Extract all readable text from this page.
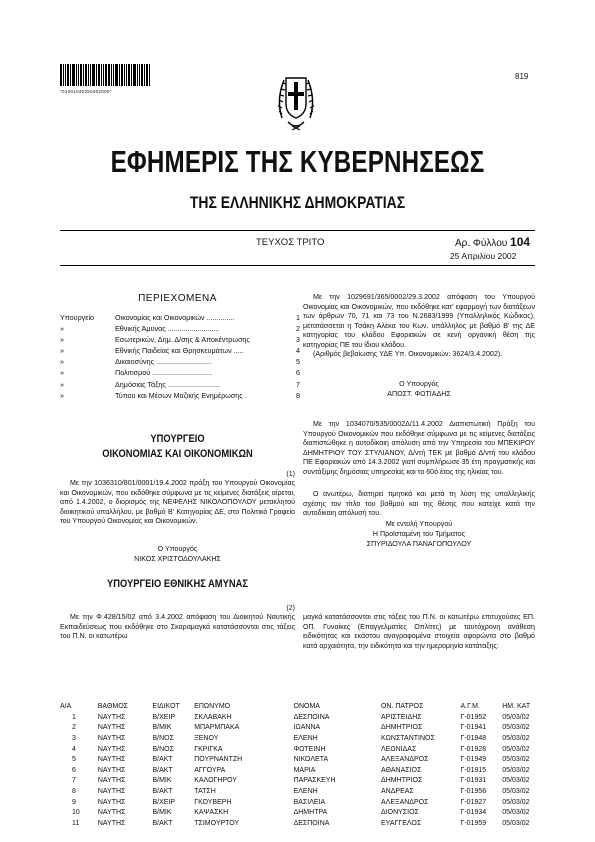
*01001040250402000*
819
ΕΦΗΜΕΡΙΣ ΤΗΣ ΚΥΒΕΡΝΗΣΕΩΣ
ΤΗΣ ΕΛΛΗΝΙΚΗΣ ΔΗΜΟΚΡΑΤΙΑΣ
ΤΕΥΧΟΣ ΤΡΙΤΟ	Αρ. Φύλλου 104
25 Απριλίου 2002
ΠΕΡΙΕΧΟΜΕΝΑ
Υπουργείο	Οικονομίας και Οικονομικών ..............	1
»	Εθνικής Άμυνας ..........................	2
»	Εσωτερικών, Δημ. Δ/σης & Αποκέντρωσης	3
»	Εθνικής Παιδείας και Θρησκευμάτων .....	4
»	Δικαιοσύνης ............................	5
»	Πολιτισμού ..............................	6
»	Δημόσιας Τάξης ..........................	7
»	Τύπου και Μέσων Μαζικής Ενημέρωσης .	8
ΥΠΟΥΡΓΕΙΟ
ΟΙΚΟΝΟΜΙΑΣ ΚΑΙ ΟΙΚΟΝΟΜΙΚΩΝ
(1)
Με την 1036310/801/0001/19.4.2002 πράξη του Υπουργού Οικονομίας και Οικονομικών, που εκδόθηκε σύμφωνα με τις κείμενες διατάξεις αίρεται, από 1.4.2002, ο διορισμός της ΝΕΦΕΛΗΣ ΝΙΚΟΛΟΠΟΥΛΟΥ μετακλητού διοικητικού υπαλλήλου, με βαθμό Β' Κατηγορίας ΔΕ, στο Πολιτικό Γραφείο του Υπουργού Οικονομίας και Οικονομικών.
Ο Υπουργός
ΝΙΚΟΣ ΧΡΙΣΤΟΔΟΥΛΑΚΗΣ
ΥΠΟΥΡΓΕΙΟ ΕΘΝΙΚΗΣ ΑΜΥΝΑΣ
(2)
Με την Φ.428/15/02 από 3.4.2002 απόφαση του Διοικητού Ναυτικής Εκπαιδεύσεως που εκδόθηκε στο Σκαραμαγκά κατατάσσονται στις τάξεις του Π.Ν. οι κατωτέρω
Με την 1029691/365/0002/29.3.2002 απόφαση του Υπουργού Οικονομίας και Οικονομικών, που εκδόθηκε κατ' εφαρμογή των διατάξεων των άρθρων 70, 71 και 73 του Ν.2683/1999 (Υπαλληλικός Κώδικας), μετατάσσεται η Τσάκη Αλέκα του Κων. υπάλληλος με βαθμό Β' της ΔΕ κατηγορίας του κλάδου Εφοριακών σε κενή οργανική θέση της κατηγορίας ΠΕ του ίδιου κλάδου.
(Αριθμός βεβαίωσης ΥΔΕ Υπ. Οικονομικών: 3624/3.4.2002).
Ο Υπουργός
ΑΠΟΣΤ. ΦΩΤΙΑΔΗΣ
Με την 1034070/535/0002Δ/11.4.2002 Διαπιστωτική Πράξη του Υπουργού Οικονομικών που εκδόθηκε σύμφωνα με τις κείμενες διατάξεις διαπιστώθηκε η αυτοδίκαιη απόλυση από την Υπηρεσία του ΜΠΕΚΙΡΟΥ ΔΗΜΗΤΡΙΟΥ ΤΟΥ ΣΤΥΛΙΑΝΟΥ, Δ/ντή ΤΕΚ με βαθμό Δ/ντή του κλάδου ΠΕ Εφοριακών από 14.3.2002 γιατί συμπλήρωσε 35 έτη πραγματικής και συντάξιμης δημόσιας υπηρεσίας και το 60ό έτος της ηλικίας του.
Ο ανωτέρω, διατηρεί τιμητικά και μετά τη λύση της υπαλληλικής σχέσης τον τίτλο του βαθμού και της θέσης που κατείχε κατά την αυτοδίκαιη απόλυσή του.
Με εντολή Υπουργού
Η Προϊσταμένη του Τμήματος
ΣΠΥΡΙΔΟΥΛΑ ΠΑΝΑΓΟΠΟΥΛΟΥ
μαγκά κατατάσσονται στις τάξεις του Π.Ν. οι κατωτέρω επιτυχούσες ΕΠ. ΟΠ. Γυναίκες (Επαγγελματίες Οπλίτες) με ταυτόχρονη ανάθεση ειδικότητας και εκάστου αναγραφομένα στοιχεία αφορώντα στο βαθμό κατά αρχαιότητα, την ειδικότητα και την ημερομηνία κατάταξης:
Α/Α	ΒΑΘΜΟΣ	ΕΙΔΙΚΟΤ	ΕΠΩΝΥΜΟ	ΟΝΟΜΑ	ΟΝ. ΠΑΤΡΟΣ	Α.Γ.Μ.	ΗΜ. ΚΑΤ
1	ΝΑΥΤΗΣ	Β/ΧΕΙΡ	ΣΚΛΑΒΑΚΗ	ΔΕΣΠΟΙΝΑ	ΑΡΙΣΤΕΙΔΗΣ	Γ-01952	05/03/02
2	ΝΑΥΤΗΣ	Β/ΜΙΚ	ΜΠΑΡΜΠΑΚΑ	ΙΩΑΝΝΑ	ΔΗΜΗΤΡΙΟΣ	Γ-01941	05/03/02
3	ΝΑΥΤΗΣ	Β/ΝΟΣ	ΞΕΝΟΥ	ΕΛΕΝΗ	ΚΩΝΣΤΑΝΤΙΝΟΣ	Γ-01948	05/03/02
4	ΝΑΥΤΗΣ	Β/ΝΟΣ	ΓΚΡΙΓΚΑ	ΦΩΤΕΙΝΗ	ΛΕΩΝΙΔΑΣ	Γ-01928	05/03/02
5	ΝΑΥΤΗΣ	Β/ΑΚΤ	ΠΟΥΡΝΑΝΤΖΗ	ΝΙΚΟΛΕΤΑ	ΑΛΕΞΑΝΔΡΟΣ	Γ-01949	05/03/02
6	ΝΑΥΤΗΣ	Β/ΑΚΤ	ΑΓΓΟΥΡΑ	ΜΑΡΙΑ	ΑΘΑΝΑΣΙΟΣ	Γ-01915	05/03/02
7	ΝΑΥΤΗΣ	Β/ΜΙΚ	ΚΑΛΟΓΗΡΟΥ	ΠΑΡΑΣΚΕΥΗ	ΔΗΜΗΤΡΙΟΣ	Γ-01931	05/03/02
8	ΝΑΥΤΗΣ	Β/ΑΚΤ	ΤΑΤΣΗ	ΕΛΕΝΗ	ΑΝΔΡΕΑΣ	Γ-01956	05/03/02
9	ΝΑΥΤΗΣ	Β/ΧΕΙΡ	ΓΚΟΥΒΕΡΗ	ΒΑΣΙΛΕΙΑ	ΑΛΕΞΑΝΔΡΟΣ	Γ-01927	05/03/02
10	ΝΑΥΤΗΣ	Β/ΜΙΚ	ΚΑΨΑΣΚΗ	ΔΗΜΗΤΡΑ	ΔΙΟΝΥΣΙΟΣ	Γ-01934	05/03/02
11	ΝΑΥΤΗΣ	Β/ΑΚΤ	ΤΣΙΜΟΥΡΤΟΥ	ΔΕΣΠΟΙΝΑ	ΕΥΑΓΓΕΛΟΣ	Γ-01959	05/03/02
